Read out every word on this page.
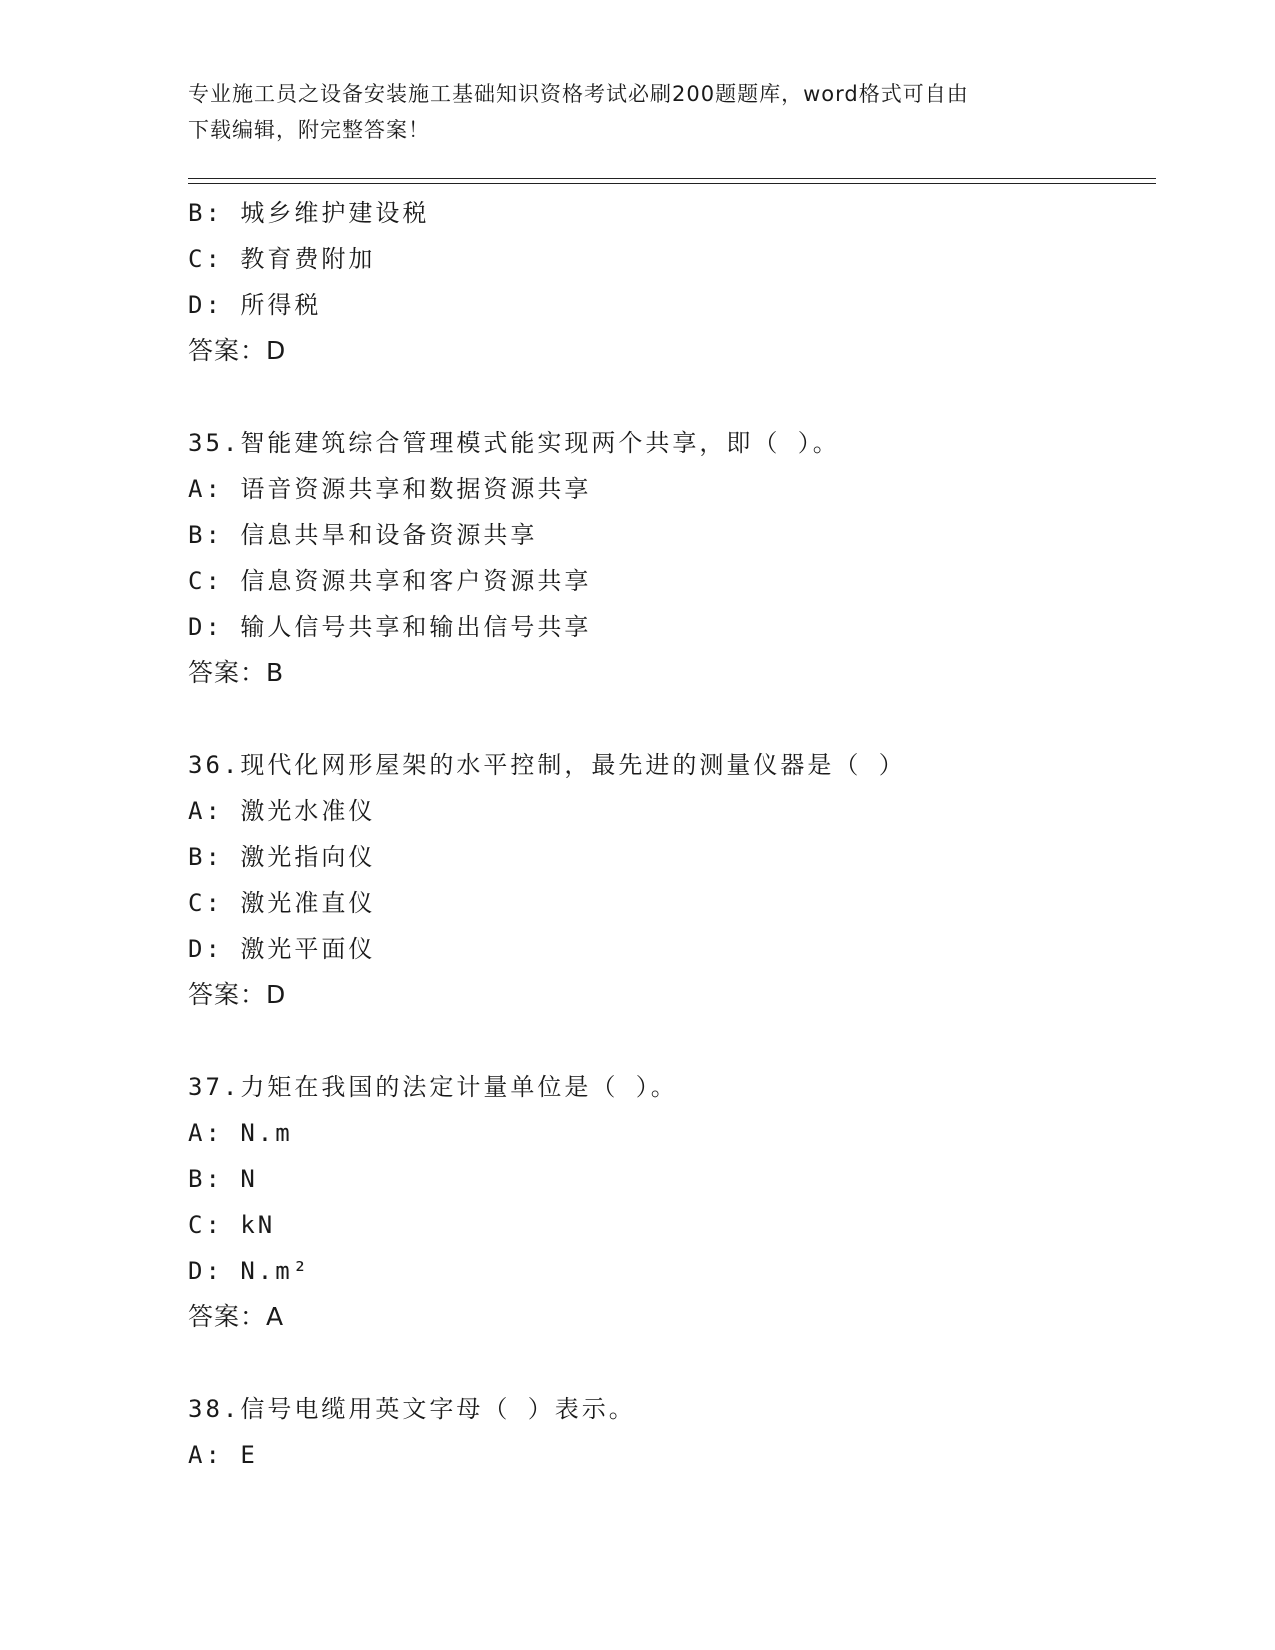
专业施工员之设备安装施工基础知识资格考试必刷200题题库，word格式可自由
下载编辑，附完整答案！
B: 城乡维护建设税
C: 教育费附加
D: 所得税
答案：D
35.智能建筑综合管理模式能实现两个共享，即（ ）。
A: 语音资源共享和数据资源共享
B: 信息共旱和设备资源共享
C: 信息资源共享和客户资源共享
D: 输人信号共享和输出信号共享
答案：B
36.现代化网形屋架的水平控制，最先进的测量仪器是（ ）
A: 激光水准仪
B: 激光指向仪
C: 激光准直仪
D: 激光平面仪
答案：D
37.力矩在我国的法定计量单位是（ ）。
A: N.m
B: N
C: kN
D: N.m²
答案：A
38.信号电缆用英文字母（ ）表示。
A: E
